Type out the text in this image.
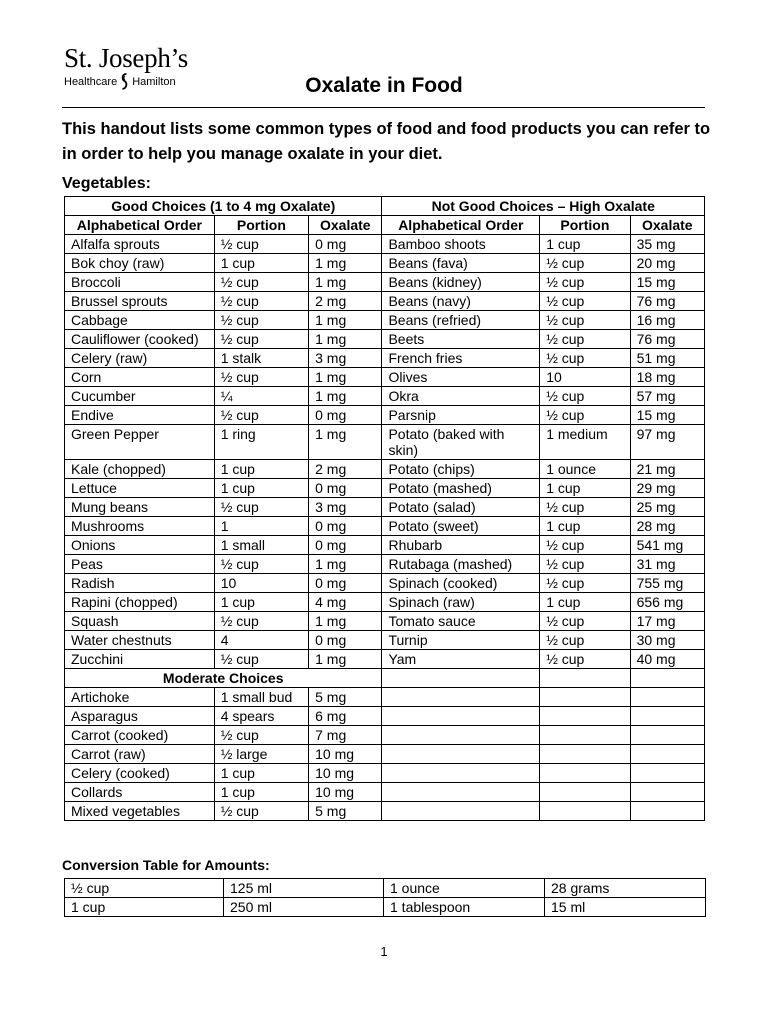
St. Joseph’s
Healthcare Hamilton	Oxalate in Food
This handout lists some common types of food and food products you can refer to in order to help you manage oxalate in your diet.
Vegetables:
Good Choices (1 to 4 mg Oxalate)			Not Good Choices – High Oxalate		
Alphabetical Order	Portion	Oxalate	Alphabetical Order	Portion	Oxalate
Alfalfa sprouts	½ cup	0 mg	Bamboo shoots	1 cup	35 mg
Bok choy (raw)	1 cup	1 mg	Beans (fava)	½ cup	20 mg
Broccoli	½ cup	1 mg	Beans (kidney)	½ cup	15 mg
Brussel sprouts	½ cup	2 mg	Beans (navy)	½ cup	76 mg
Cabbage	½ cup	1 mg	Beans (refried)	½ cup	16 mg
Cauliflower (cooked)	½ cup	1 mg	Beets	½ cup	76 mg
Celery (raw)	1 stalk	3 mg	French fries	½ cup	51 mg
Corn	½ cup	1 mg	Olives	10	18 mg
Cucumber	¼	1 mg	Okra	½ cup	57 mg
Endive	½ cup	0 mg	Parsnip	½ cup	15 mg
Green Pepper	1 ring	1 mg	Potato (baked with skin)	1 medium	97 mg
Kale (chopped)	1 cup	2 mg	Potato (chips)	1 ounce	21 mg
Lettuce	1 cup	0 mg	Potato (mashed)	1 cup	29 mg
Mung beans	½ cup	3 mg	Potato (salad)	½ cup	25 mg
Mushrooms	1	0 mg	Potato (sweet)	1 cup	28 mg
Onions	1 small	0 mg	Rhubarb	½ cup	541 mg
Peas	½ cup	1 mg	Rutabaga (mashed)	½ cup	31 mg
Radish	10	0 mg	Spinach (cooked)	½ cup	755 mg
Rapini (chopped)	1 cup	4 mg	Spinach (raw)	1 cup	656 mg
Squash	½ cup	1 mg	Tomato sauce	½ cup	17 mg
Water chestnuts	4	0 mg	Turnip	½ cup	30 mg
Zucchini	½ cup	1 mg	Yam	½ cup	40 mg
Moderate Choices					
Artichoke	1 small bud	5 mg			
Asparagus	4 spears	6 mg			
Carrot (cooked)	½ cup	7 mg			
Carrot (raw)	½ large	10 mg			
Celery (cooked)	1 cup	10 mg			
Collards	1 cup	10 mg			
Mixed vegetables	½ cup	5 mg			
Conversion Table for Amounts:
½ cup	125 ml	1 ounce	28 grams
1 cup	250 ml	1 tablespoon	15 ml
1
